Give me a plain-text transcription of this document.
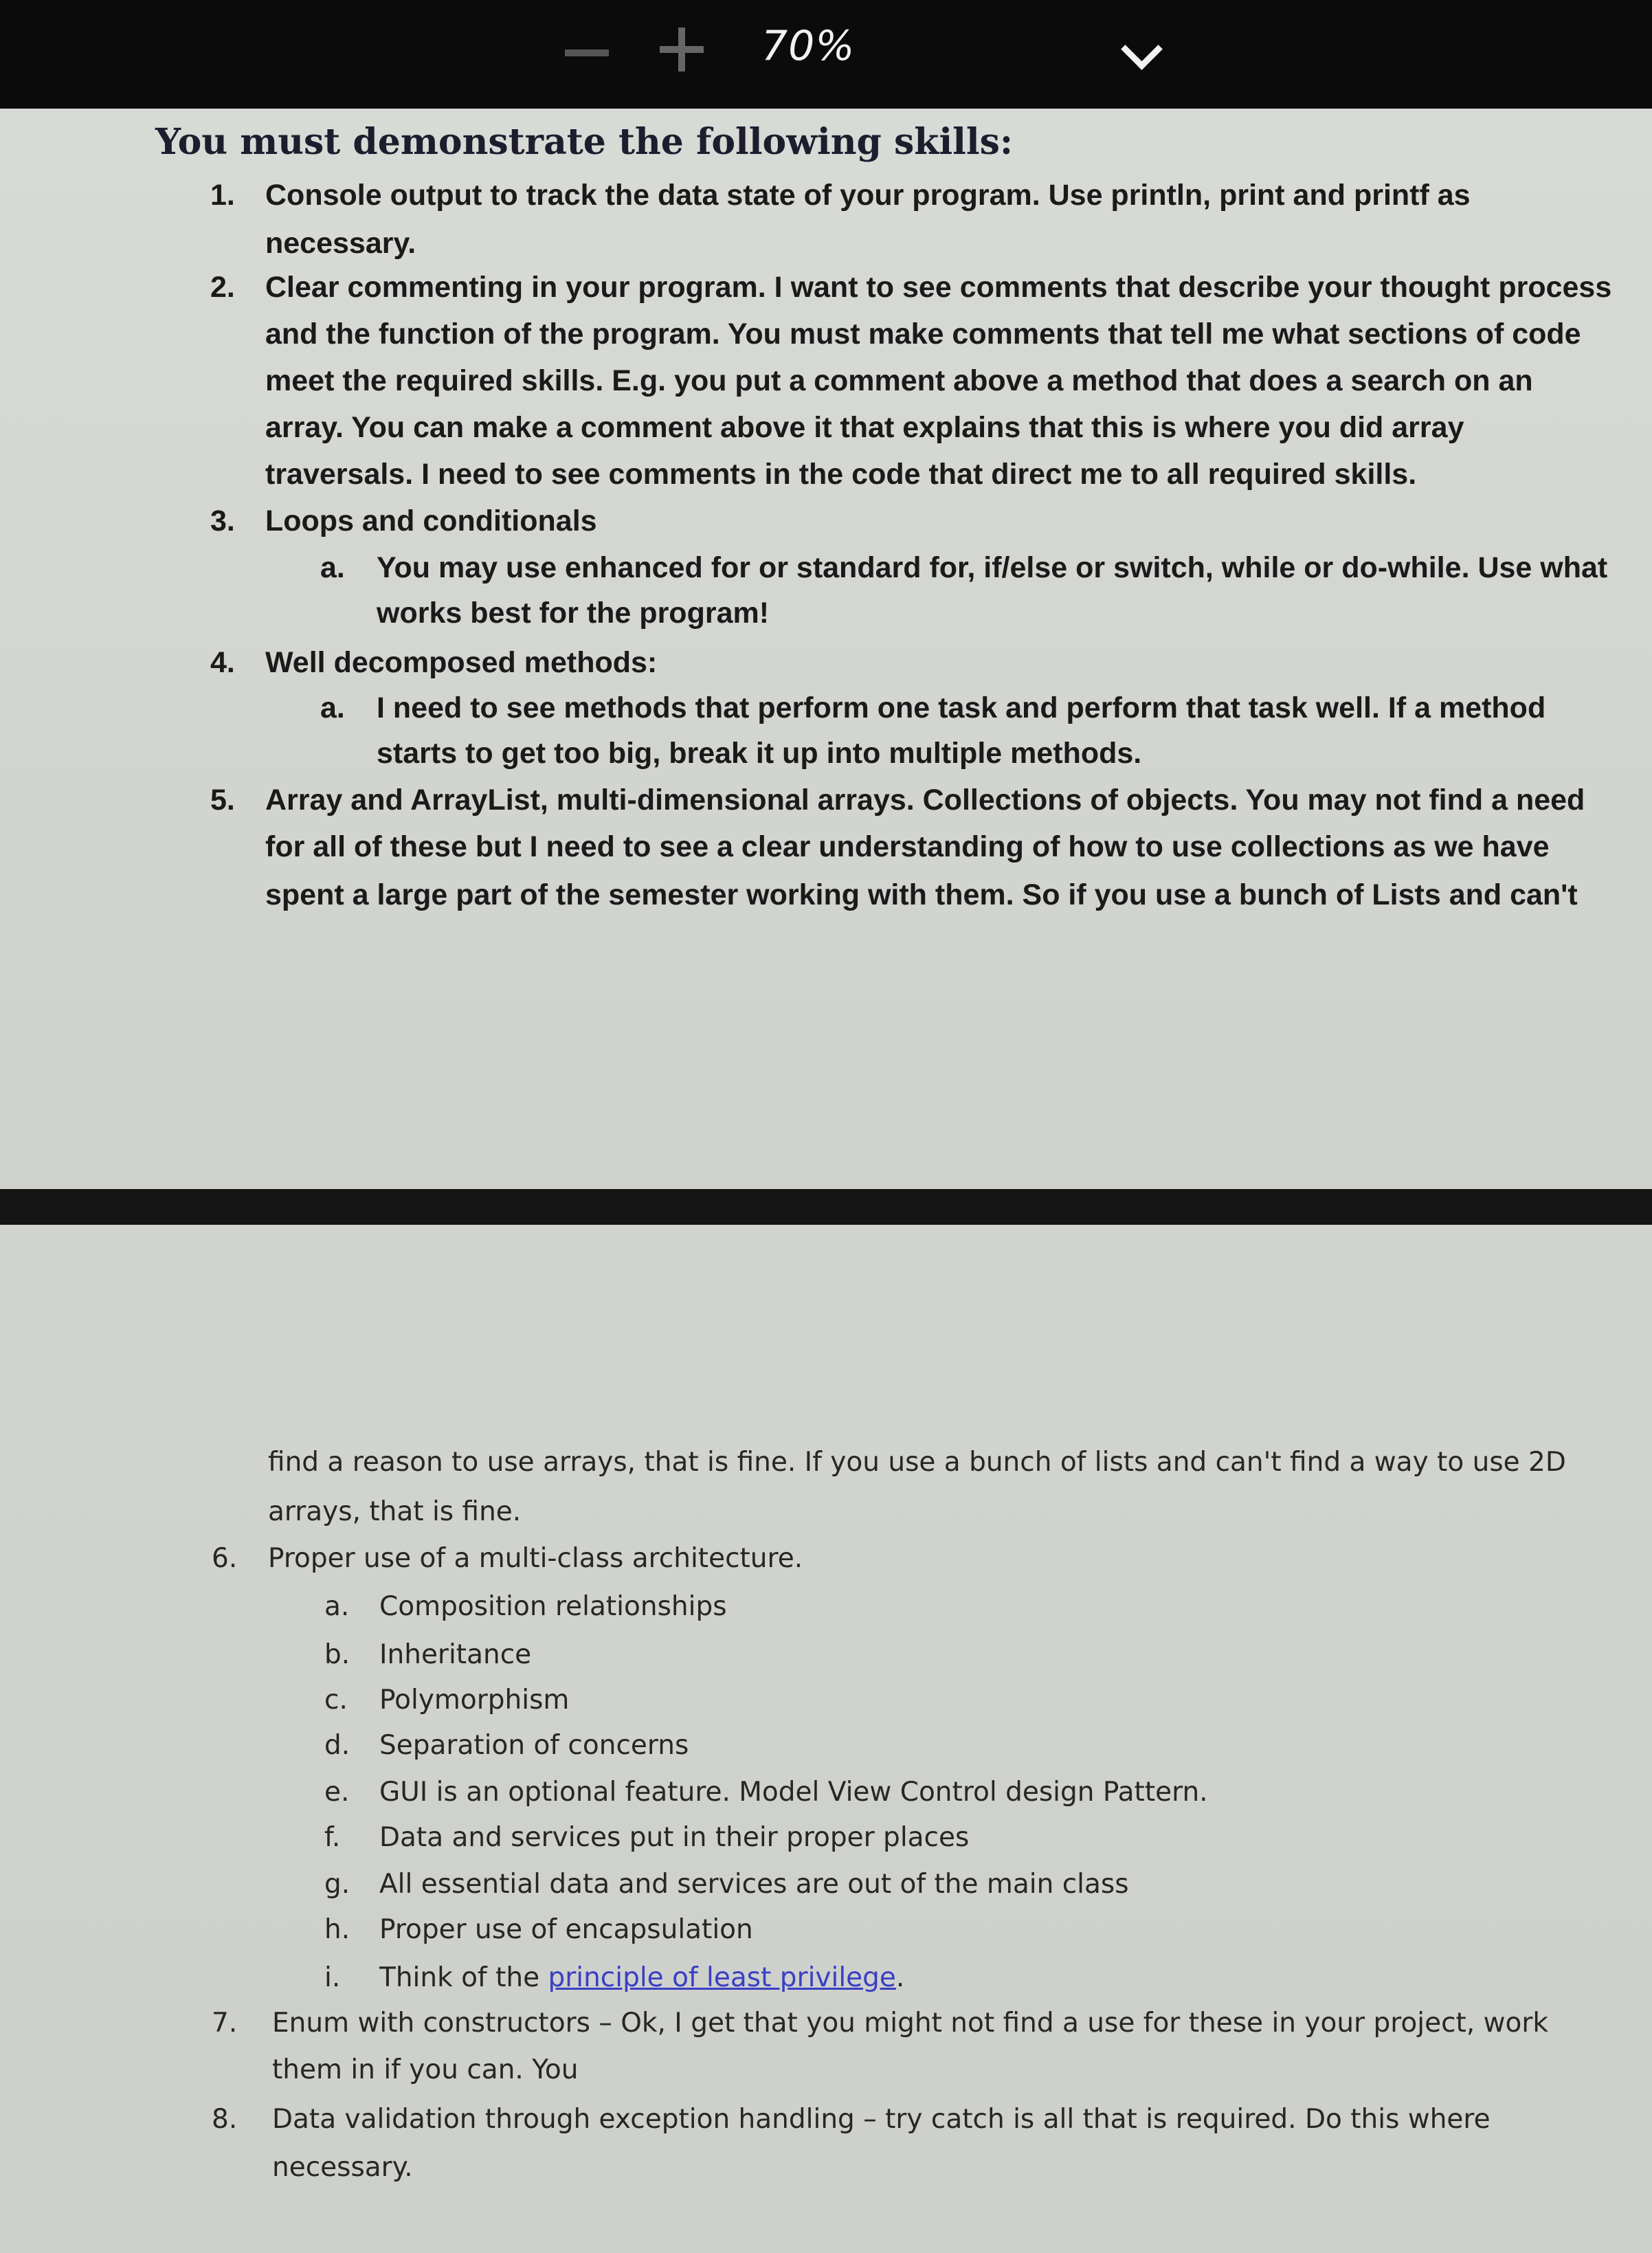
70%
You must demonstrate the following skills:
1. Console output to track the data state of your program. Use println, print and printf as
necessary.
2. Clear commenting in your program. I want to see comments that describe your thought process
and the function of the program. You must make comments that tell me what sections of code
meet the required skills. E.g. you put a comment above a method that does a search on an
array. You can make a comment above it that explains that this is where you did array
traversals. I need to see comments in the code that direct me to all required skills.
3. Loops and conditionals
a. You may use enhanced for or standard for, if/else or switch, while or do-while. Use what
works best for the program!
4. Well decomposed methods:
a. I need to see methods that perform one task and perform that task well. If a method
starts to get too big, break it up into multiple methods.
5. Array and ArrayList, multi-dimensional arrays. Collections of objects. You may not find a need
for all of these but I need to see a clear understanding of how to use collections as we have
spent a large part of the semester working with them. So if you use a bunch of Lists and can't
find a reason to use arrays, that is fine. If you use a bunch of lists and can't find a way to use 2D
arrays, that is fine.
6. Proper use of a multi-class architecture.
a. Composition relationships
b. Inheritance
c. Polymorphism
d. Separation of concerns
e. GUI is an optional feature. Model View Control design Pattern.
f. Data and services put in their proper places
g. All essential data and services are out of the main class
h. Proper use of encapsulation
i. Think of the principle of least privilege.
7. Enum with constructors – Ok, I get that you might not find a use for these in your project, work
them in if you can. You
8. Data validation through exception handling – try catch is all that is required. Do this where
necessary.
